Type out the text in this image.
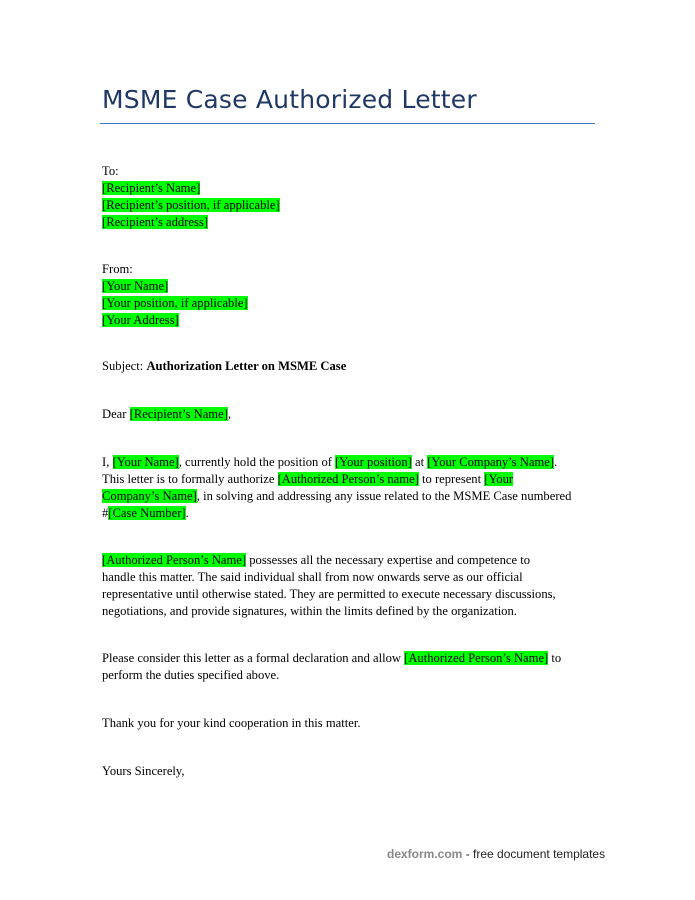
MSME Case Authorized Letter
To:
[Recipient’s Name]
[Recipient’s position, if applicable]
[Recipient’s address]
From:
[Your Name]
[Your position, if applicable]
[Your Address]
Subject: Authorization Letter on MSME Case
Dear [Recipient’s Name],
I, [Your Name], currently hold the position of [Your position] at [Your Company’s Name].
This letter is to formally authorize [Authorized Person’s name] to represent [Your
Company’s Name], in solving and addressing any issue related to the MSME Case numbered
#[Case Number].
[Authorized Person’s Name] possesses all the necessary expertise and competence to
handle this matter. The said individual shall from now onwards serve as our official
representative until otherwise stated. They are permitted to execute necessary discussions,
negotiations, and provide signatures, within the limits defined by the organization.
Please consider this letter as a formal declaration and allow [Authorized Person’s Name] to
perform the duties specified above.
Thank you for your kind cooperation in this matter.
Yours Sincerely,
dexform.com - free document templates
